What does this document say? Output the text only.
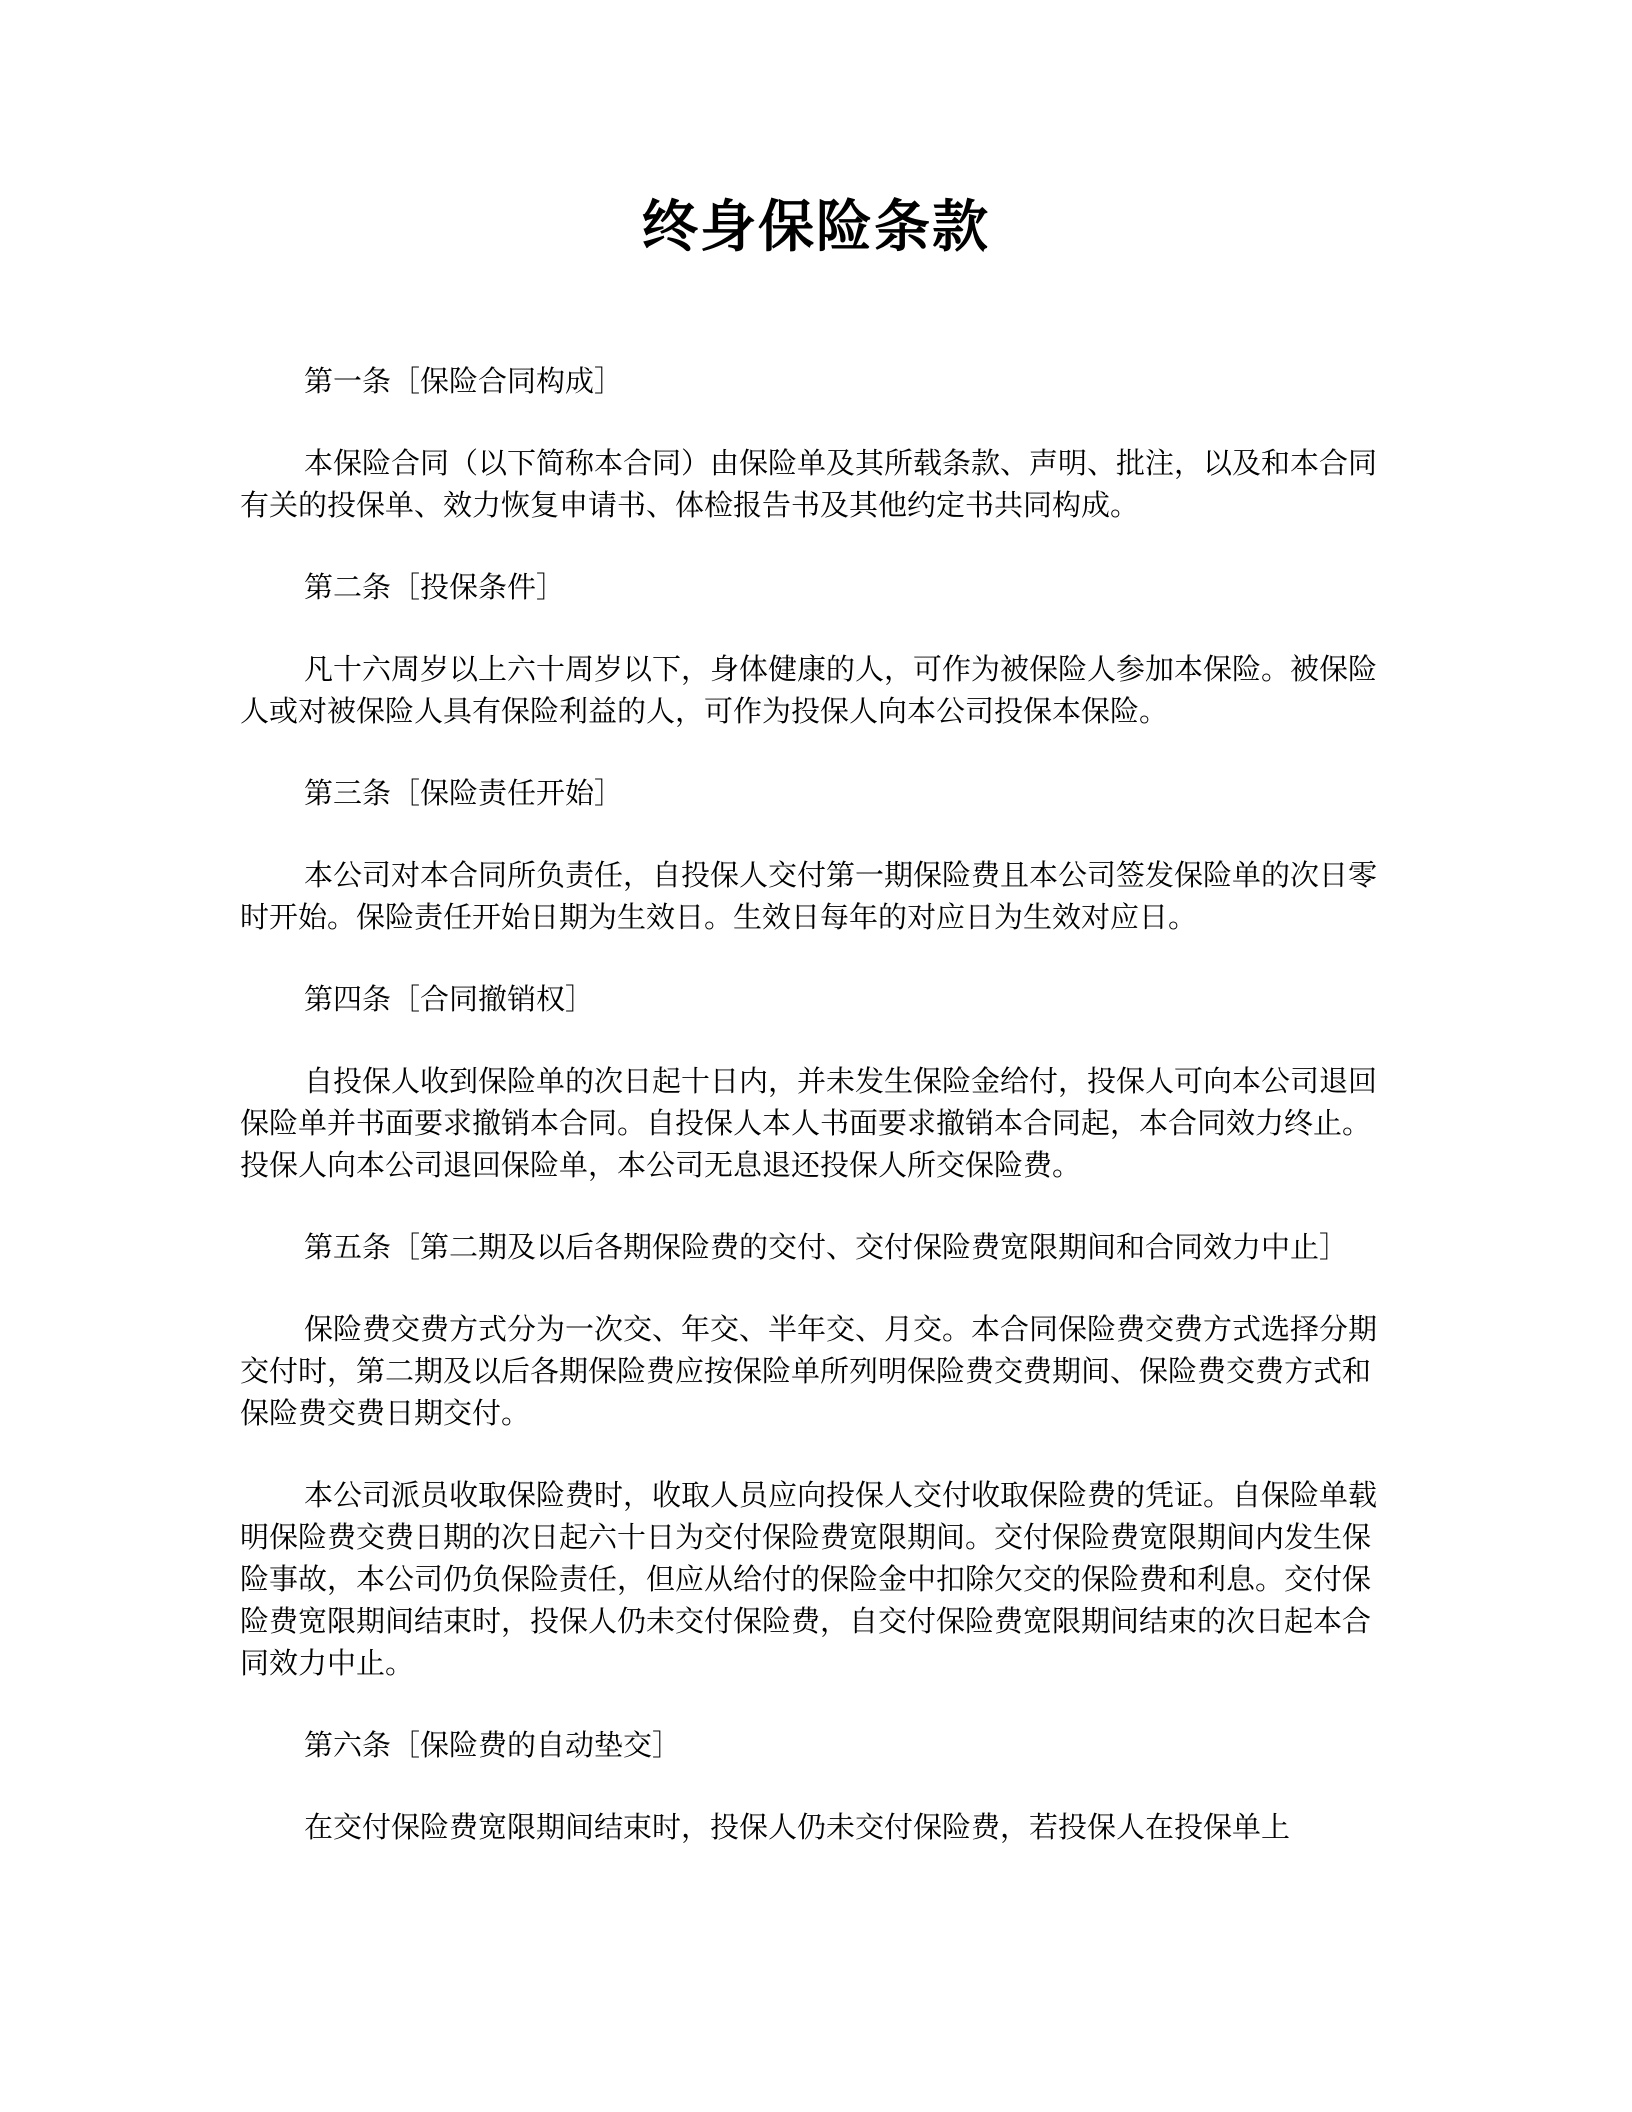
终身保险条款

第一条［保险合同构成］

本保险合同（以下简称本合同）由保险单及其所载条款、声明、批注，以及和本合同有关的投保单、效力恢复申请书、体检报告书及其他约定书共同构成。

第二条［投保条件］

凡十六周岁以上六十周岁以下，身体健康的人，可作为被保险人参加本保险。被保险人或对被保险人具有保险利益的人，可作为投保人向本公司投保本保险。

第三条［保险责任开始］

本公司对本合同所负责任，自投保人交付第一期保险费且本公司签发保险单的次日零时开始。保险责任开始日期为生效日。生效日每年的对应日为生效对应日。

第四条［合同撤销权］

自投保人收到保险单的次日起十日内，并未发生保险金给付，投保人可向本公司退回保险单并书面要求撤销本合同。自投保人本人书面要求撤销本合同起，本合同效力终止。投保人向本公司退回保险单，本公司无息退还投保人所交保险费。

第五条［第二期及以后各期保险费的交付、交付保险费宽限期间和合同效力中止］

保险费交费方式分为一次交、年交、半年交、月交。本合同保险费交费方式选择分期交付时，第二期及以后各期保险费应按保险单所列明保险费交费期间、保险费交费方式和保险费交费日期交付。

本公司派员收取保险费时，收取人员应向投保人交付收取保险费的凭证。自保险单载明保险费交费日期的次日起六十日为交付保险费宽限期间。交付保险费宽限期间内发生保险事故，本公司仍负保险责任，但应从给付的保险金中扣除欠交的保险费和利息。交付保险费宽限期间结束时，投保人仍未交付保险费，自交付保险费宽限期间结束的次日起本合同效力中止。

第六条［保险费的自动垫交］

在交付保险费宽限期间结束时，投保人仍未交付保险费，若投保人在投保单上
